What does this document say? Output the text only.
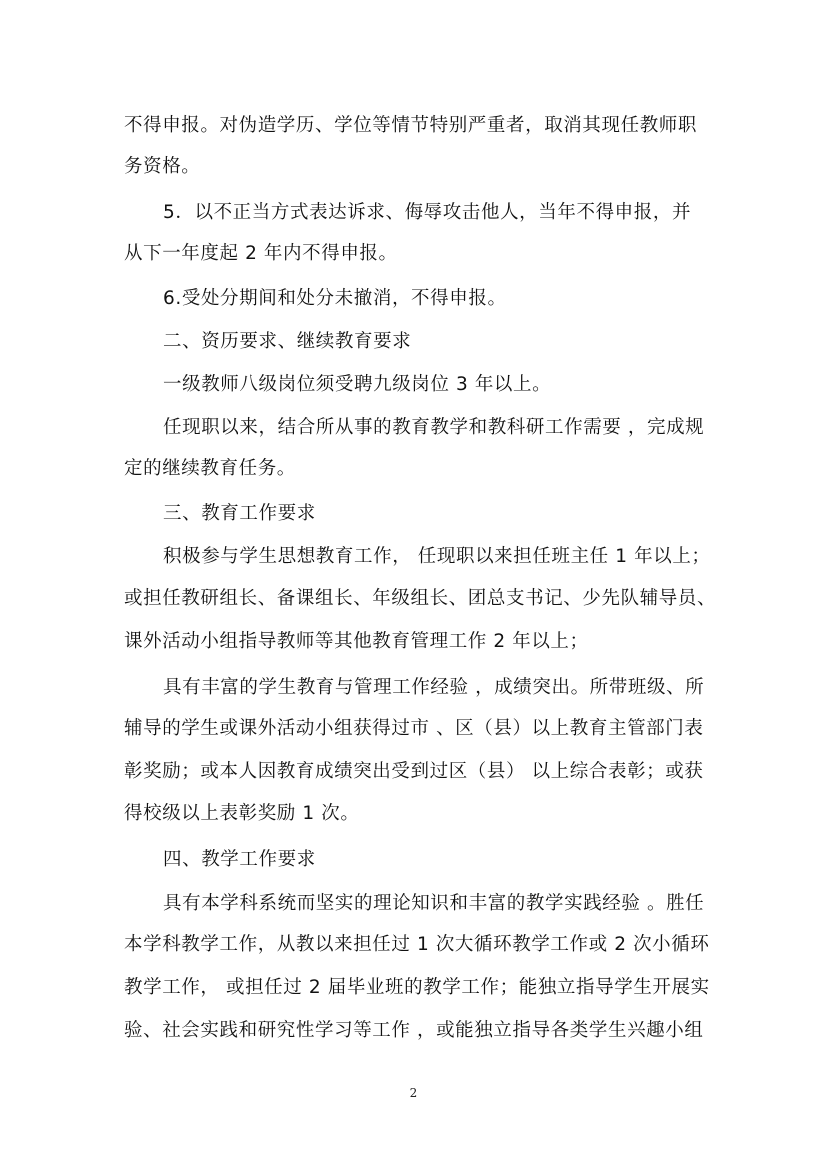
不得申报。对伪造学历、学位等情节特别严重者，取消其现任教师职
务资格。
5．以不正当方式表达诉求、侮辱攻击他人，当年不得申报，并
从下一年度起 2 年内不得申报。
6.受处分期间和处分未撤消，不得申报。
二、资历要求、继续教育要求
一级教师八级岗位须受聘九级岗位 3 年以上。
任现职以来，结合所从事的教育教学和教科研工作需要 ，完成规
定的继续教育任务。
三、教育工作要求
积极参与学生思想教育工作， 任现职以来担任班主任 1 年以上；
或担任教研组长、备课组长、年级组长、团总支书记、少先队辅导员、
课外活动小组指导教师等其他教育管理工作 2 年以上；
具有丰富的学生教育与管理工作经验 ，成绩突出。所带班级、所
辅导的学生或课外活动小组获得过市 、区（县）以上教育主管部门表
彰奖励；或本人因教育成绩突出受到过区（县） 以上综合表彰；或获
得校级以上表彰奖励 1 次。
四、教学工作要求
具有本学科系统而坚实的理论知识和丰富的教学实践经验 。胜任
本学科教学工作，从教以来担任过 1 次大循环教学工作或 2 次小循环
教学工作， 或担任过 2 届毕业班的教学工作；能独立指导学生开展实
验、社会实践和研究性学习等工作 ，或能独立指导各类学生兴趣小组
2
